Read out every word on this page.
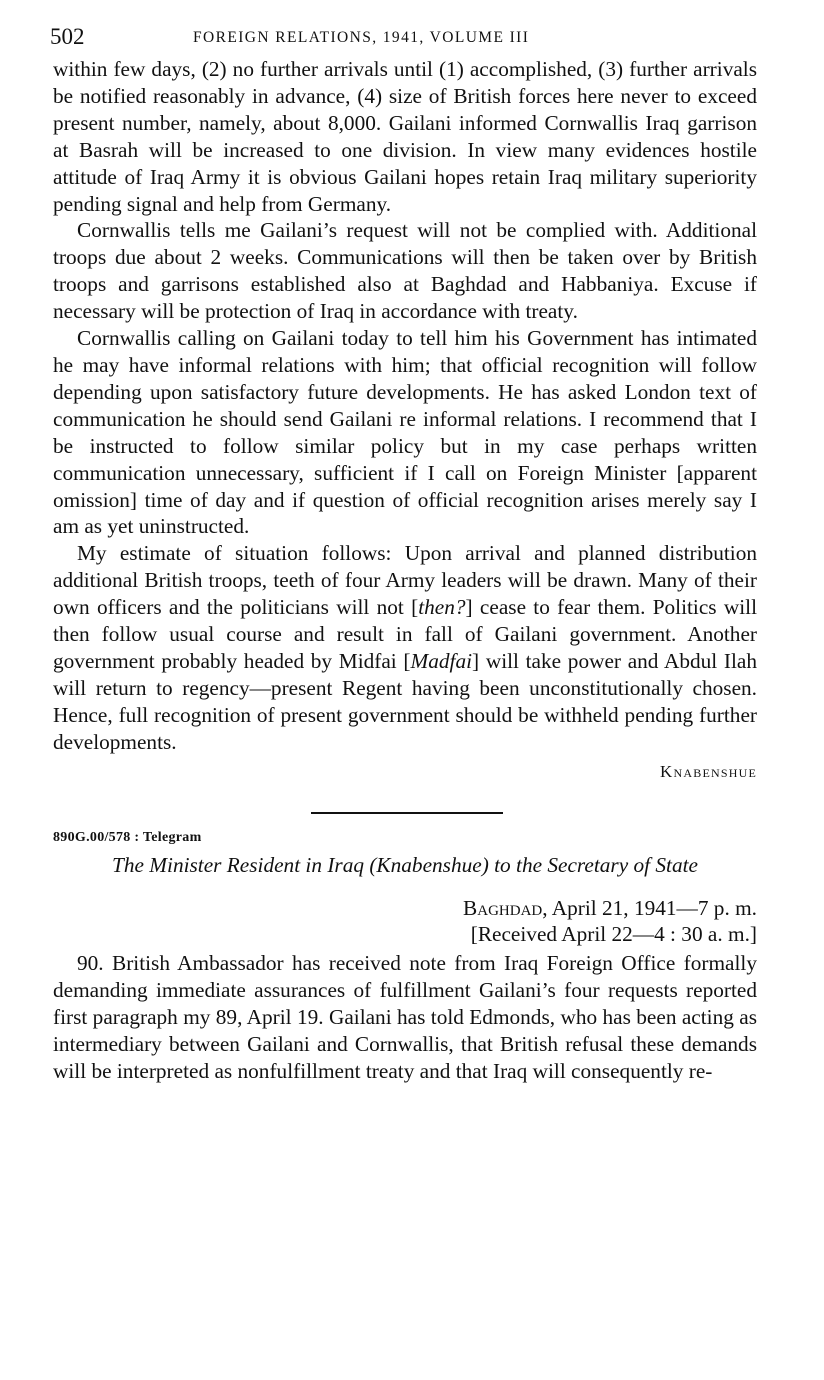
502	FOREIGN RELATIONS, 1941, VOLUME III

within few days, (2) no further arrivals until (1) accomplished, (3) further arrivals be notified reasonably in advance, (4) size of British forces here never to exceed present number, namely, about 8,000. Gailani informed Cornwallis Iraq garrison at Basrah will be increased to one division. In view many evidences hostile attitude of Iraq Army it is obvious Gailani hopes retain Iraq military superiority pending signal and help from Germany.

Cornwallis tells me Gailani’s request will not be complied with. Additional troops due about 2 weeks. Communications will then be taken over by British troops and garrisons established also at Baghdad and Habbaniya. Excuse if necessary will be protection of Iraq in accordance with treaty.

Cornwallis calling on Gailani today to tell him his Government has intimated he may have informal relations with him; that official recognition will follow depending upon satisfactory future developments. He has asked London text of communication he should send Gailani re informal relations. I recommend that I be instructed to follow similar policy but in my case perhaps written communication unnecessary, sufficient if I call on Foreign Minister [apparent omission] time of day and if question of official recognition arises merely say I am as yet uninstructed.

My estimate of situation follows: Upon arrival and planned distribution additional British troops, teeth of four Army leaders will be drawn. Many of their own officers and the politicians will not [then?] cease to fear them. Politics will then follow usual course and result in fall of Gailani government. Another government probably headed by Midfai [Madfai] will take power and Abdul Ilah will return to regency—present Regent having been unconstitutionally chosen. Hence, full recognition of present government should be withheld pending further developments.

Knabenshue
890G.00/578 : Telegram
The Minister Resident in Iraq (Knabenshue) to the Secretary of State
Baghdad, April 21, 1941—7 p. m.
[Received April 22—4 : 30 a. m.]

90. British Ambassador has received note from Iraq Foreign Office formally demanding immediate assurances of fulfillment Gailani’s four requests reported first paragraph my 89, April 19. Gailani has told Edmonds, who has been acting as intermediary between Gailani and Cornwallis, that British refusal these demands will be interpreted as nonfulfillment treaty and that Iraq will consequently re-
